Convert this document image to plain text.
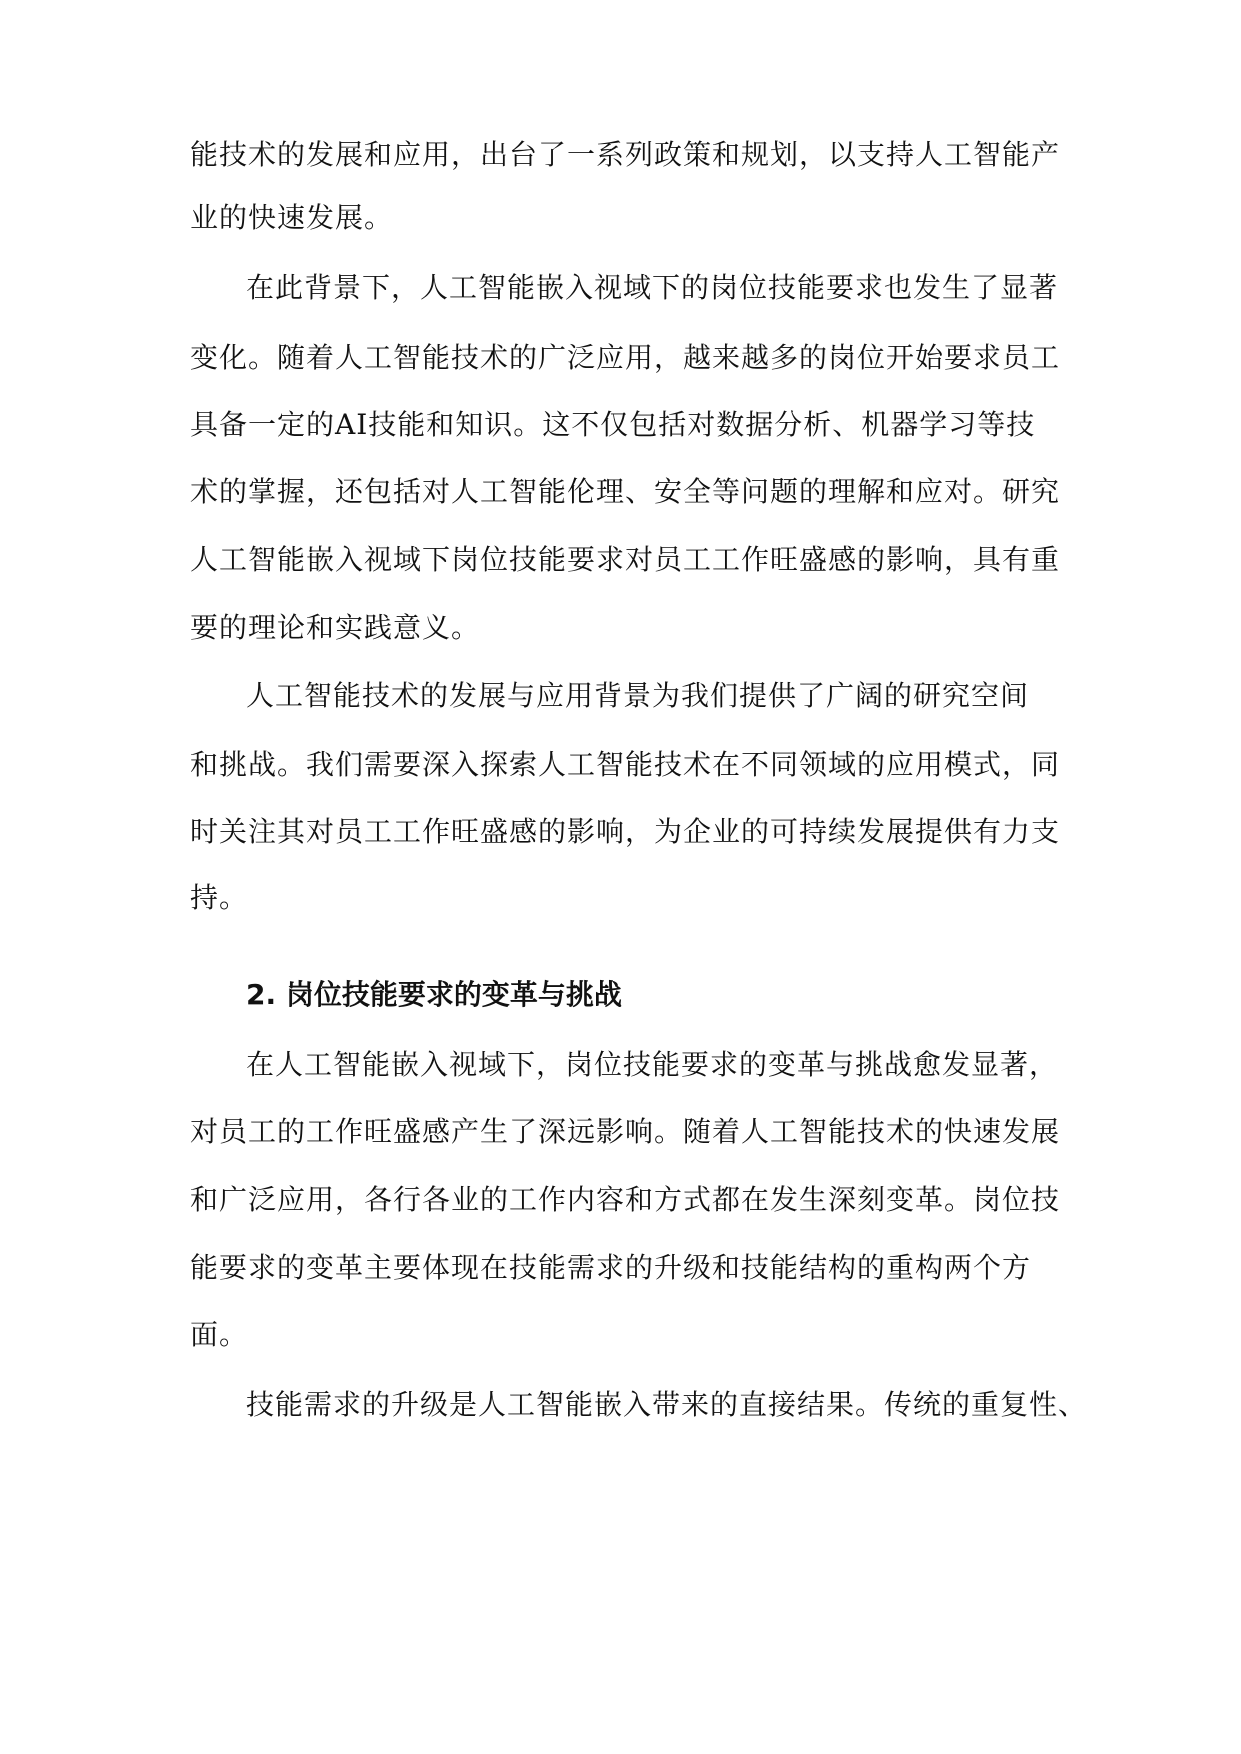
能技术的发展和应用，出台了一系列政策和规划，以支持人工智能产
业的快速发展。
在此背景下，人工智能嵌入视域下的岗位技能要求也发生了显著
变化。随着人工智能技术的广泛应用，越来越多的岗位开始要求员工
具备一定的AI技能和知识。这不仅包括对数据分析、机器学习等技
术的掌握，还包括对人工智能伦理、安全等问题的理解和应对。研究
人工智能嵌入视域下岗位技能要求对员工工作旺盛感的影响，具有重
要的理论和实践意义。
人工智能技术的发展与应用背景为我们提供了广阔的研究空间
和挑战。我们需要深入探索人工智能技术在不同领域的应用模式，同
时关注其对员工工作旺盛感的影响，为企业的可持续发展提供有力支
持。
2. 岗位技能要求的变革与挑战
在人工智能嵌入视域下，岗位技能要求的变革与挑战愈发显著，
对员工的工作旺盛感产生了深远影响。随着人工智能技术的快速发展
和广泛应用，各行各业的工作内容和方式都在发生深刻变革。岗位技
能要求的变革主要体现在技能需求的升级和技能结构的重构两个方
面。
技能需求的升级是人工智能嵌入带来的直接结果。传统的重复性、
